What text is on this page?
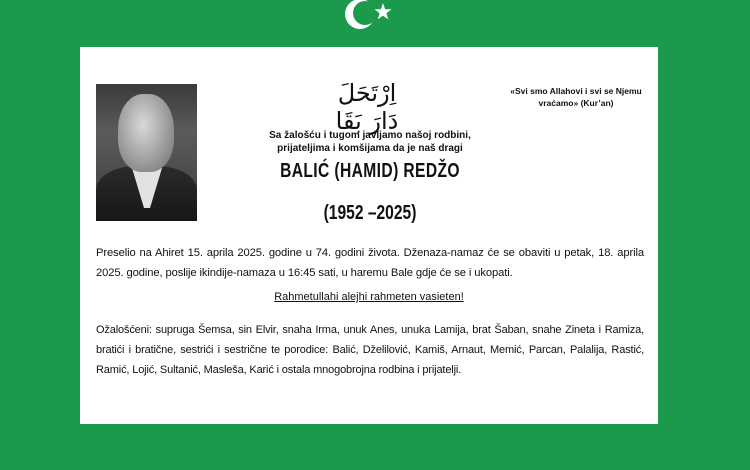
اِرْتَحَلَ دَارَ بَقَا
«Svi smo Allahovi i svi se Njemu vraćamo» (Kur’an)
Sa žalošću i tugom javljamo našoj rodbini,
prijateljima i komšijama da je naš dragi
BALIĆ (HAMID) REDŽO
(1952 –2025)
Preselio na Ahiret 15. aprila 2025. godine u 74. godini života. Dženaza-namaz će se obaviti u petak, 18. aprila 2025. godine, poslije ikindije-namaza u 16:45 sati, u haremu Bale gdje će se i ukopati.
Rahmetullahi alejhi rahmeten vasieten!
Ožalošćeni: supruga Šemsa, sin Elvir, snaha Irma, unuk Anes, unuka Lamija, brat Šaban, snahe Zineta i Ramiza, bratići i bratične, sestrići i sestrične te porodice: Balić, Dželilović, Kamiš, Arnaut, Memić, Parcan, Palalija, Rastić, Ramić, Lojić, Sultanić, Masleša, Karić i ostala mnogobrojna rodbina i prijatelji.
